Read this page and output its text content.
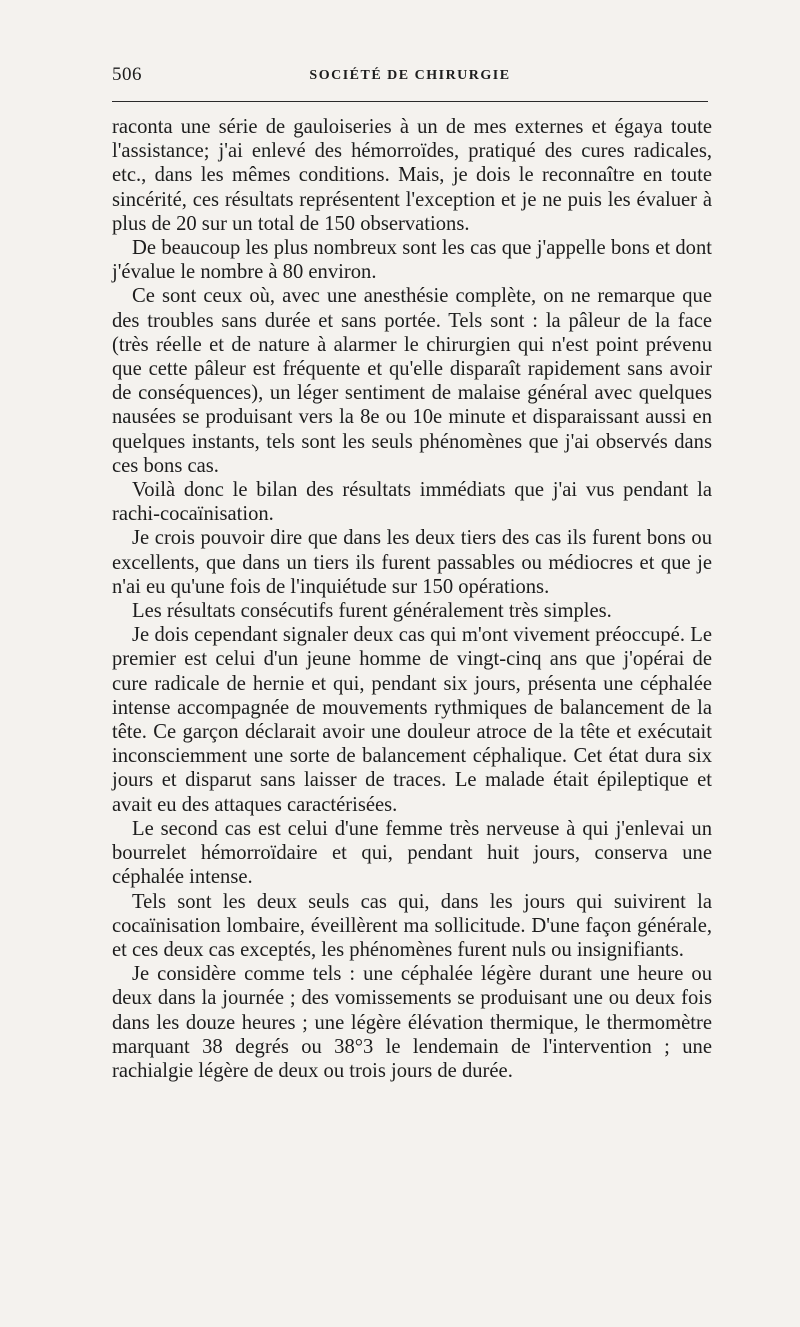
506	SOCIÉTÉ DE CHIRURGIE

raconta une série de gauloiseries à un de mes externes et égaya toute l'assistance; j'ai enlevé des hémorroïdes, pratiqué des cures radicales, etc., dans les mêmes conditions. Mais, je dois le reconnaître en toute sincérité, ces résultats représentent l'exception et je ne puis les évaluer à plus de 20 sur un total de 150 observations.

De beaucoup les plus nombreux sont les cas que j'appelle bons et dont j'évalue le nombre à 80 environ.

Ce sont ceux où, avec une anesthésie complète, on ne remarque que des troubles sans durée et sans portée. Tels sont : la pâleur de la face (très réelle et de nature à alarmer le chirurgien qui n'est point prévenu que cette pâleur est fréquente et qu'elle disparaît rapidement sans avoir de conséquences), un léger sentiment de malaise général avec quelques nausées se produisant vers la 8e ou 10e minute et disparaissant aussi en quelques instants, tels sont les seuls phénomènes que j'ai observés dans ces bons cas.

Voilà donc le bilan des résultats immédiats que j'ai vus pendant la rachi-cocaïnisation.

Je crois pouvoir dire que dans les deux tiers des cas ils furent bons ou excellents, que dans un tiers ils furent passables ou médiocres et que je n'ai eu qu'une fois de l'inquiétude sur 150 opérations.

Les résultats consécutifs furent généralement très simples.

Je dois cependant signaler deux cas qui m'ont vivement préoccupé. Le premier est celui d'un jeune homme de vingt-cinq ans que j'opérai de cure radicale de hernie et qui, pendant six jours, présenta une céphalée intense accompagnée de mouvements rythmiques de balancement de la tête. Ce garçon déclarait avoir une douleur atroce de la tête et exécutait inconsciemment une sorte de balancement céphalique. Cet état dura six jours et disparut sans laisser de traces. Le malade était épileptique et avait eu des attaques caractérisées.

Le second cas est celui d'une femme très nerveuse à qui j'enlevai un bourrelet hémorroïdaire et qui, pendant huit jours, conserva une céphalée intense.

Tels sont les deux seuls cas qui, dans les jours qui suivirent la cocaïnisation lombaire, éveillèrent ma sollicitude. D'une façon générale, et ces deux cas exceptés, les phénomènes furent nuls ou insignifiants.

Je considère comme tels : une céphalée légère durant une heure ou deux dans la journée ; des vomissements se produisant une ou deux fois dans les douze heures ; une légère élévation thermique, le thermomètre marquant 38 degrés ou 38°3 le lendemain de l'intervention ; une rachialgie légère de deux ou trois jours de durée.
